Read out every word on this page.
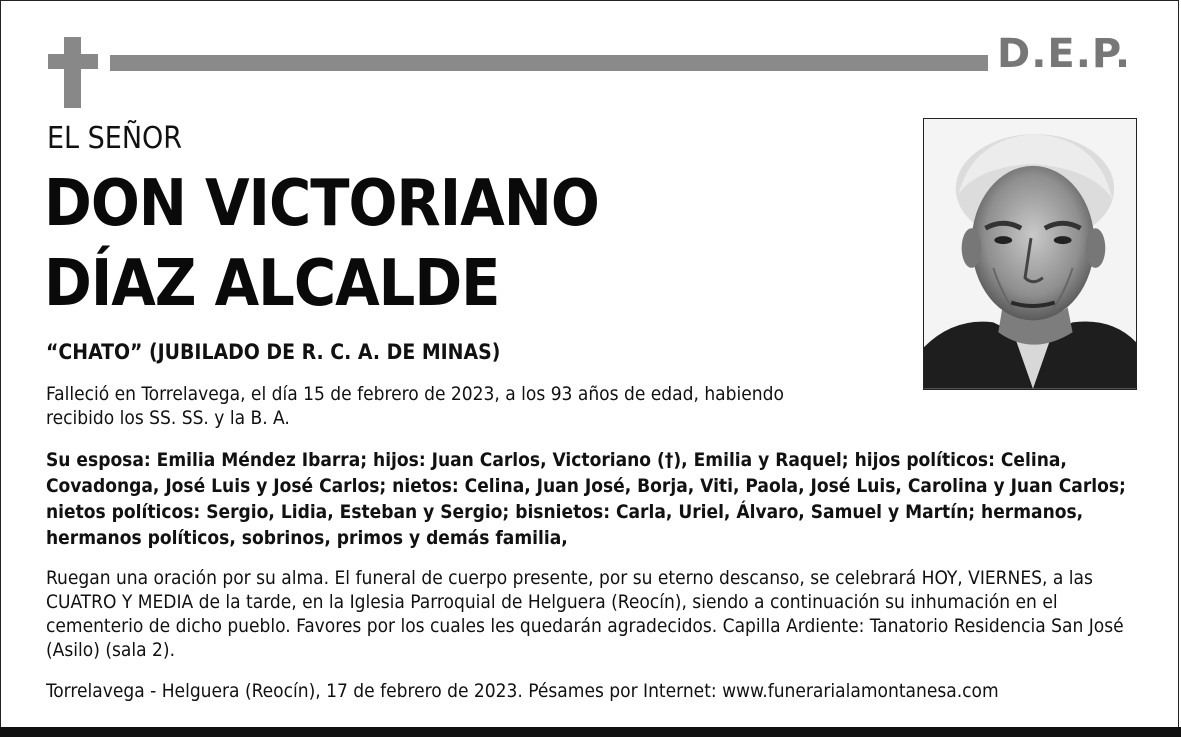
D.E.P.
EL SEÑOR
DON VICTORIANO
DÍAZ ALCALDE
“CHATO” (JUBILADO DE R. C. A. DE MINAS)
Falleció en Torrelavega, el día 15 de febrero de 2023, a los 93 años de edad, habiendo recibido los SS. SS. y la B. A.
Su esposa: Emilia Méndez Ibarra; hijos: Juan Carlos, Victoriano (†), Emilia y Raquel; hijos políticos: Celina, Covadonga, José Luis y José Carlos; nietos: Celina, Juan José, Borja, Viti, Paola, José Luis, Carolina y Juan Carlos; nietos políticos: Sergio, Lidia, Esteban y Sergio; bisnietos: Carla, Uriel, Álvaro, Samuel y Martín; hermanos, hermanos políticos, sobrinos, primos y demás familia,
Ruegan una oración por su alma. El funeral de cuerpo presente, por su eterno descanso, se celebrará HOY, VIERNES, a las CUATRO Y MEDIA de la tarde, en la Iglesia Parroquial de Helguera (Reocín), siendo a continuación su inhumación en el cementerio de dicho pueblo. Favores por los cuales les quedarán agradecidos. Capilla Ardiente: Tanatorio Residencia San José (Asilo) (sala 2).
Torrelavega - Helguera (Reocín), 17 de febrero de 2023. Pésames por Internet: www.funerarialamontanesa.com
